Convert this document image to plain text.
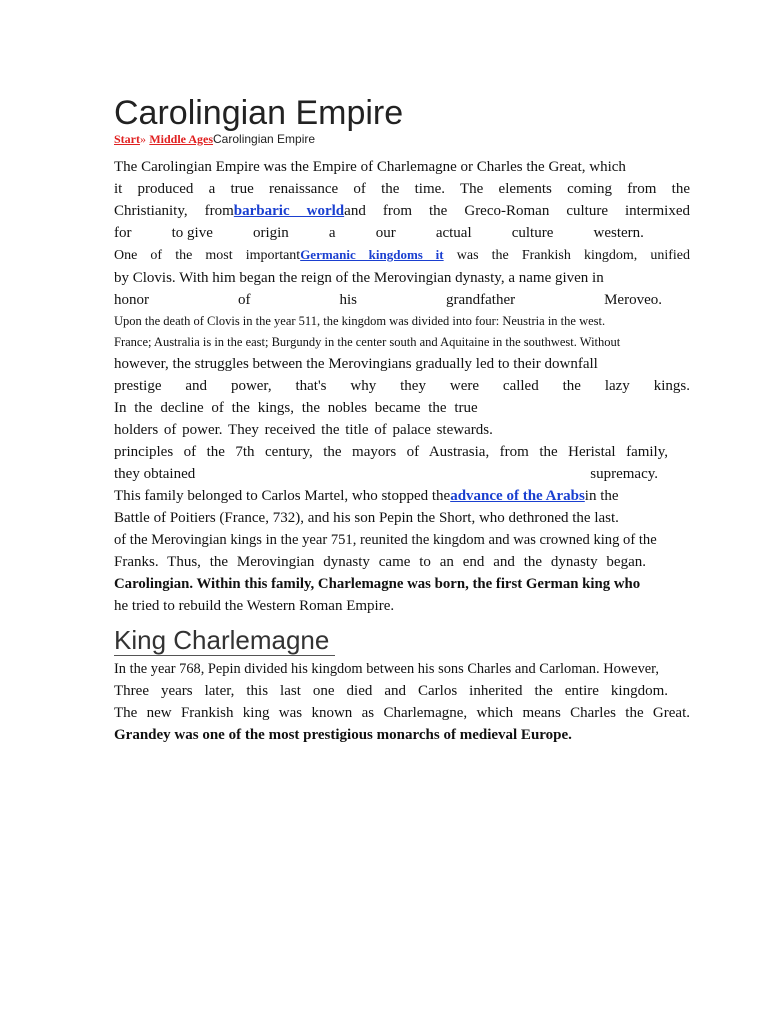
Carolingian Empire
Start» Middle AgesCarolingian Empire

The Carolingian Empire was the Empire of Charlemagne or Charles the Great, which

it produced a true renaissance of the time. The elements coming from the

Christianity, frombarbaric worldand from the Greco-Roman culture intermixed

for	to give	origin	a	our	actual	culture	western.

One of the most importantGermanic kingdoms it was the Frankish kingdom, unified

by Clovis. With him began the reign of the Merovingian dynasty, a name given in

honor	of	his	grandfather	Meroveo.

Upon the death of Clovis in the year 511, the kingdom was divided into four: Neustria in the west.

France; Australia is in the east; Burgundy in the center south and Aquitaine in the southwest. Without

however, the struggles between the Merovingians gradually led to their downfall

prestige and power, that's why they were called the lazy kings.

In the decline of the kings, the nobles became the true

holders of power. They received the title of palace stewards.

principles of the 7th century, the mayors of Austrasia, from the Heristal family,

they obtained	supremacy.

This family belonged to Carlos Martel, who stopped theadvance of the Arabsin the

Battle of Poitiers (France, 732), and his son Pepin the Short, who dethroned the last.

of the Merovingian kings in the year 751, reunited the kingdom and was crowned king of the

Franks. Thus, the Merovingian dynasty came to an end and the dynasty began.

Carolingian. Within this family, Charlemagne was born, the first German king who

he tried to rebuild the Western Roman Empire.

King Charlemagne

In the year 768, Pepin divided his kingdom between his sons Charles and Carloman. However,

Three years later, this last one died and Carlos inherited the entire kingdom.

The new Frankish king was known as Charlemagne, which means Charles the Great.

Grandey was one of the most prestigious monarchs of medieval Europe.
